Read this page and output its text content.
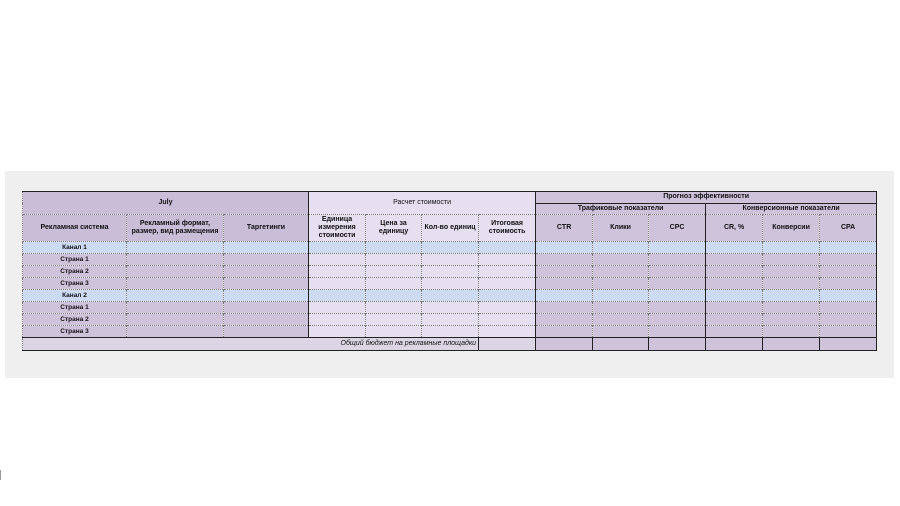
July			Расчет стоимости				Прогноз эффективности					
							Трафиковые показатели			Конверсионные показатели		
Рекламная система	Рекламный формат, размер, вид размещения	Таргетинги	Единица измерения стоимости	Цена за единицу	Кол-во единиц	Итоговая стоимость	CTR	Клики	CPC	CR, %	Конверсии	CPA
Канал 1												
Страна 1												
Страна 2												
Страна 3												
Канал 2												
Страна 1												
Страна 2												
Страна 3												
Общий бюджет на рекламные площадки												
